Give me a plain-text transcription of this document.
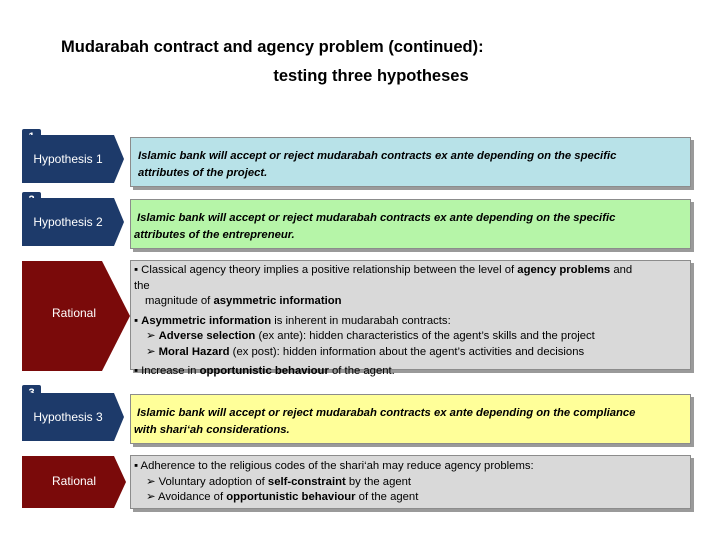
Mudarabah contract and agency problem (continued):
testing three hypotheses
Hypothesis 1	Islamic bank will accept or reject mudarabah contracts ex ante depending on the specific
attributes of the project.
Hypothesis 2	Islamic bank will accept or reject mudarabah contracts ex ante depending on the specific
attributes of the entrepreneur.
Rational
▪ Classical agency theory implies a positive relationship between the level of agency problems and
the
magnitude of asymmetric information
▪ Asymmetric information is inherent in mudarabah contracts:
➢ Adverse selection (ex ante): hidden characteristics of the agent’s skills and the project
➢ Moral Hazard (ex post): hidden information about the agent’s activities and decisions
▪ Increase in opportunistic behaviour of the agent.
Hypothesis 3	Islamic bank will accept or reject mudarabah contracts ex ante depending on the compliance
with shari‘ah considerations.
Rational
▪ Adherence to the religious codes of the shari‘ah may reduce agency problems:
➢ Voluntary adoption of self-constraint by the agent
➢ Avoidance of opportunistic behaviour of the agent
